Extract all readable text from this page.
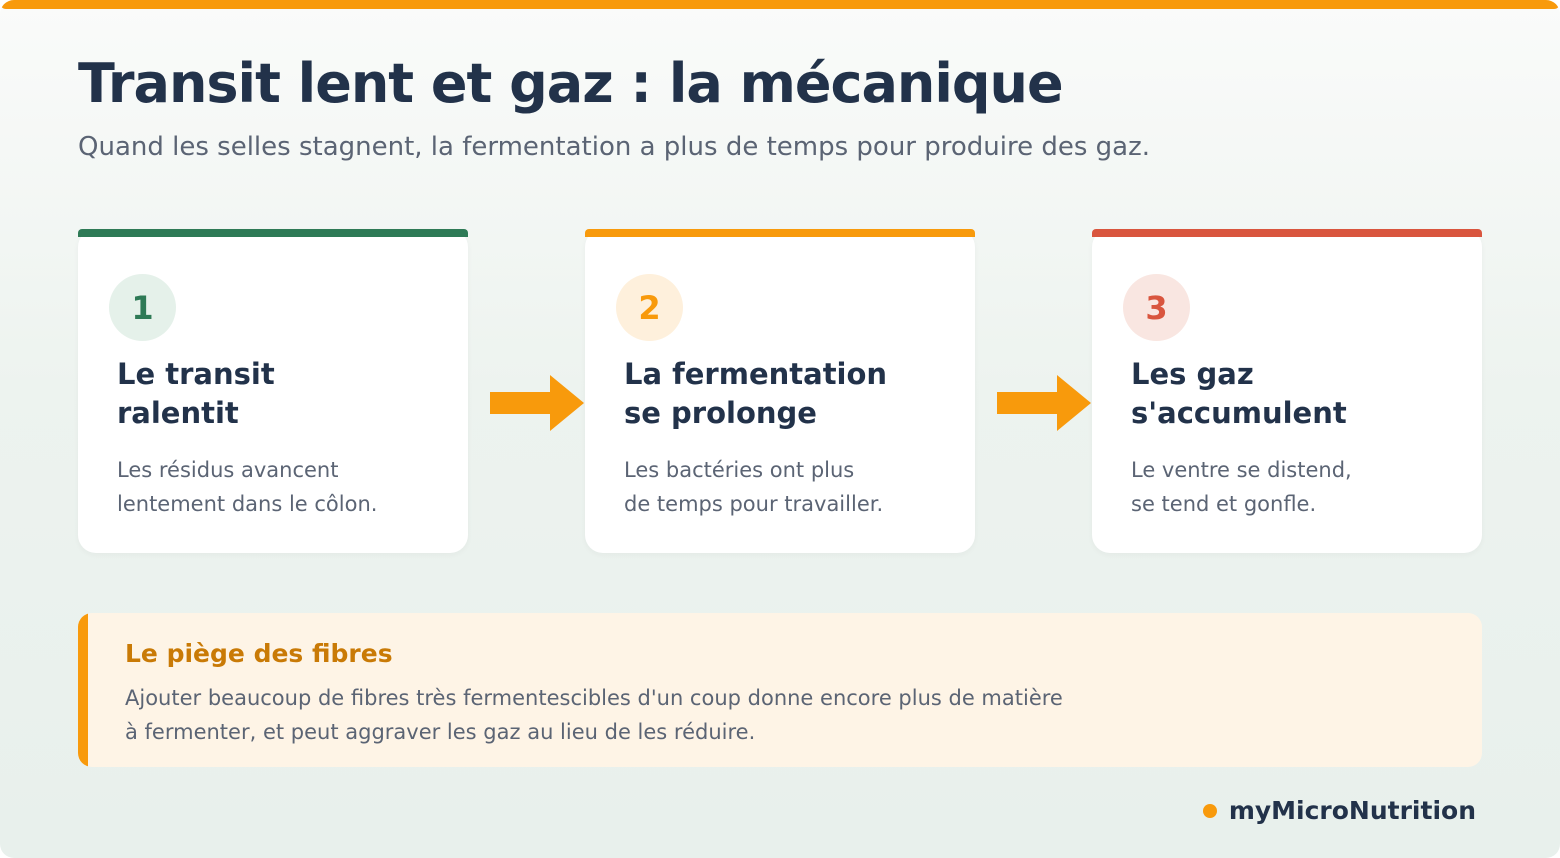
Transit lent et gaz : la mécanique
Quand les selles stagnent, la fermentation a plus de temps pour produire des gaz.
1
Le transit
ralentit
Les résidus avancent
lentement dans le côlon.
2
La fermentation
se prolonge
Les bactéries ont plus
de temps pour travailler.
3
Les gaz
s'accumulent
Le ventre se distend,
se tend et gonfle.
Le piège des fibres
Ajouter beaucoup de fibres très fermentescibles d'un coup donne encore plus de matière
à fermenter, et peut aggraver les gaz au lieu de les réduire.
myMicroNutrition
